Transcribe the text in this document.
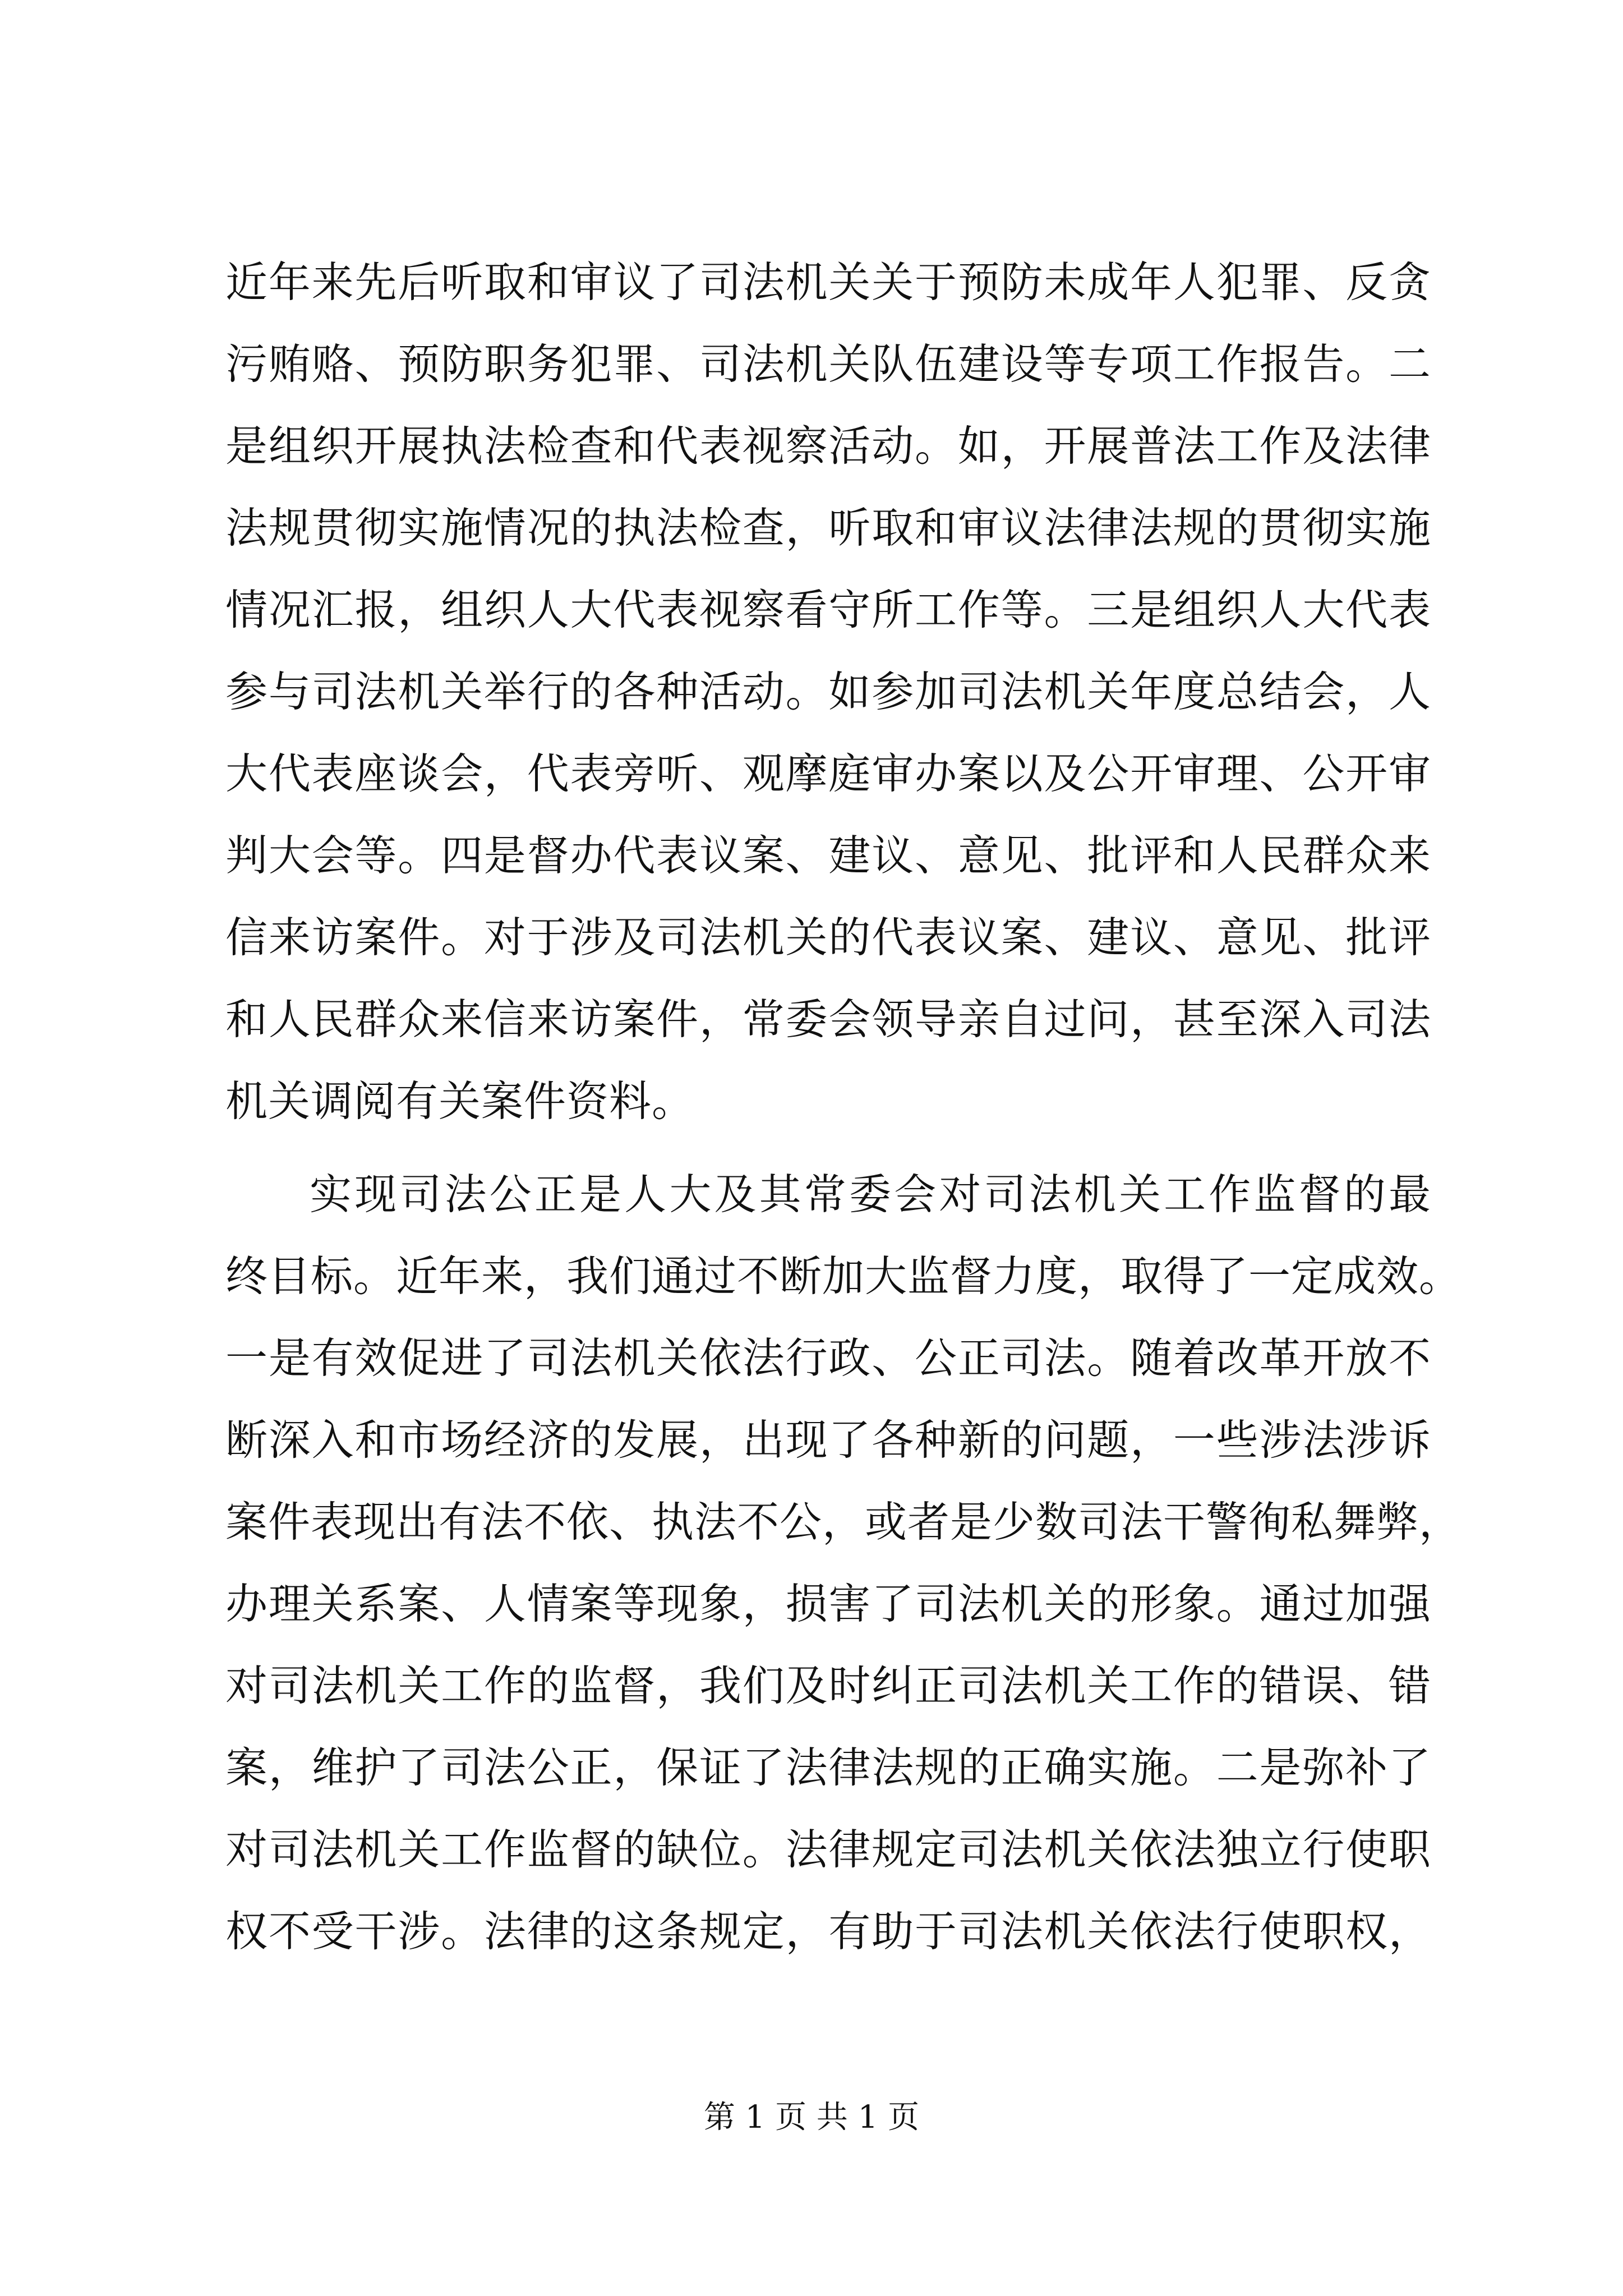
近年来先后听取和审议了司法机关关于预防未成年人犯罪、反贪
污贿赂、预防职务犯罪、司法机关队伍建设等专项工作报告。二
是组织开展执法检查和代表视察活动。如，开展普法工作及法律
法规贯彻实施情况的执法检查，听取和审议法律法规的贯彻实施
情况汇报，组织人大代表视察看守所工作等。三是组织人大代表
参与司法机关举行的各种活动。如参加司法机关年度总结会，人
大代表座谈会，代表旁听、观摩庭审办案以及公开审理、公开审
判大会等。四是督办代表议案、建议、意见、批评和人民群众来
信来访案件。对于涉及司法机关的代表议案、建议、意见、批评
和人民群众来信来访案件，常委会领导亲自过问，甚至深入司法
机关调阅有关案件资料。
实现司法公正是人大及其常委会对司法机关工作监督的最
终目标。近年来，我们通过不断加大监督力度，取得了一定成效。
一是有效促进了司法机关依法行政、公正司法。随着改革开放不
断深入和市场经济的发展，出现了各种新的问题，一些涉法涉诉
案件表现出有法不依、执法不公，或者是少数司法干警徇私舞弊，
办理关系案、人情案等现象，损害了司法机关的形象。通过加强
对司法机关工作的监督，我们及时纠正司法机关工作的错误、错
案，维护了司法公正，保证了法律法规的正确实施。二是弥补了
对司法机关工作监督的缺位。法律规定司法机关依法独立行使职
权不受干涉。法律的这条规定，有助于司法机关依法行使职权，
第 1 页 共 1 页
